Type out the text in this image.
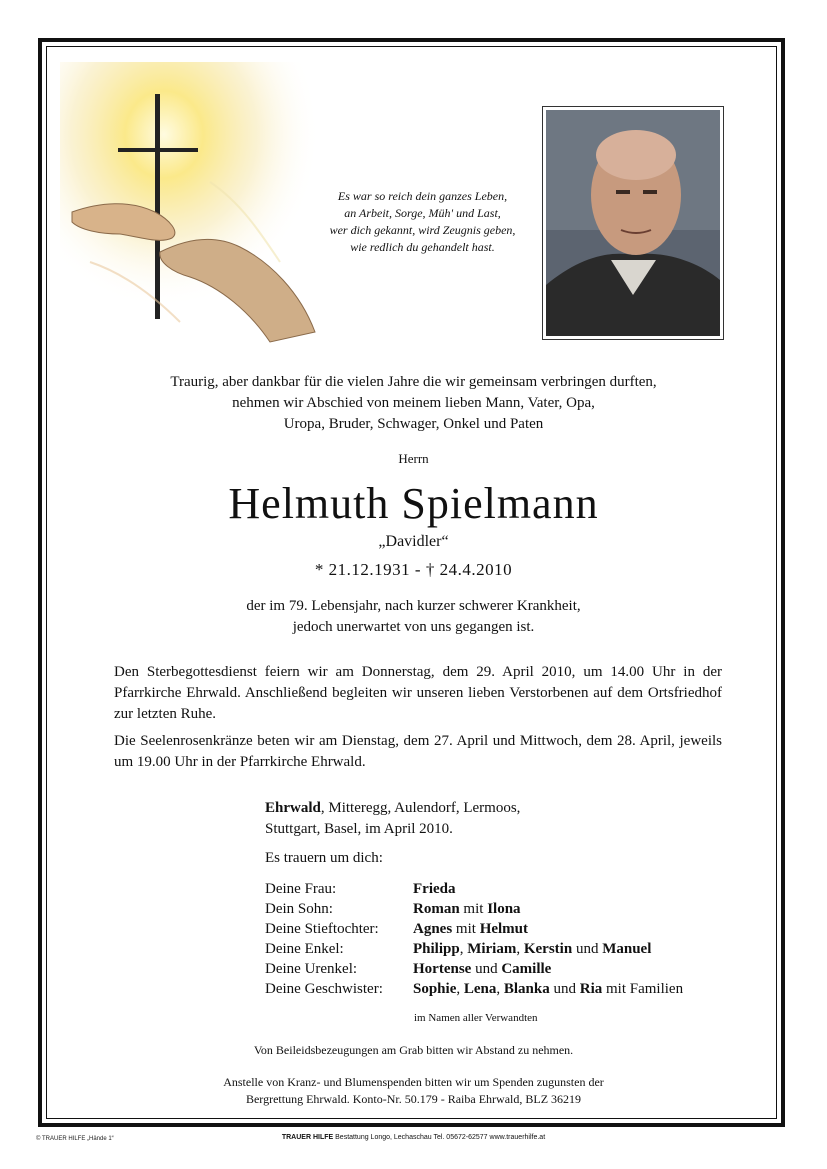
Es war so reich dein ganzes Leben,
an Arbeit, Sorge, Müh' und Last,
wer dich gekannt, wird Zeugnis geben,
wie redlich du gehandelt hast.
Traurig, aber dankbar für die vielen Jahre die wir gemeinsam verbringen durften,
nehmen wir Abschied von meinem lieben Mann, Vater, Opa,
Uropa, Bruder, Schwager, Onkel und Paten
Herrn
Helmuth Spielmann
„Davidler“
* 21.12.1931 - † 24.4.2010
der im 79. Lebensjahr, nach kurzer schwerer Krankheit,
jedoch unerwartet von uns gegangen ist.
Den Sterbegottesdienst feiern wir am Donnerstag, dem 29. April 2010, um 14.00 Uhr in der Pfarrkirche Ehrwald. Anschließend begleiten wir unseren lieben Verstorbenen auf dem Ortsfriedhof zur letzten Ruhe.
Die Seelenrosenkränze beten wir am Dienstag, dem 27. April und Mittwoch, dem 28. April, jeweils um 19.00 Uhr in der Pfarrkirche Ehrwald.
Ehrwald, Mitteregg, Aulendorf, Lermoos,
Stuttgart, Basel, im April 2010.
Es trauern um dich:
Deine Frau:	Frieda
Dein Sohn:	Roman mit Ilona
Deine Stieftochter:	Agnes mit Helmut
Deine Enkel:	Philipp, Miriam, Kerstin und Manuel
Deine Urenkel:	Hortense und Camille
Deine Geschwister:	Sophie, Lena, Blanka und Ria mit Familien
im Namen aller Verwandten
Von Beileidsbezeugungen am Grab bitten wir Abstand zu nehmen.
Anstelle von Kranz- und Blumenspenden bitten wir um Spenden zugunsten der
Bergrettung Ehrwald. Konto-Nr. 50.179 - Raiba Ehrwald, BLZ 36219
© TRAUER HILFE „Hände 1“	TRAUER HILFE Bestattung Longo, Lechaschau Tel. 05672-62577 www.trauerhilfe.at
